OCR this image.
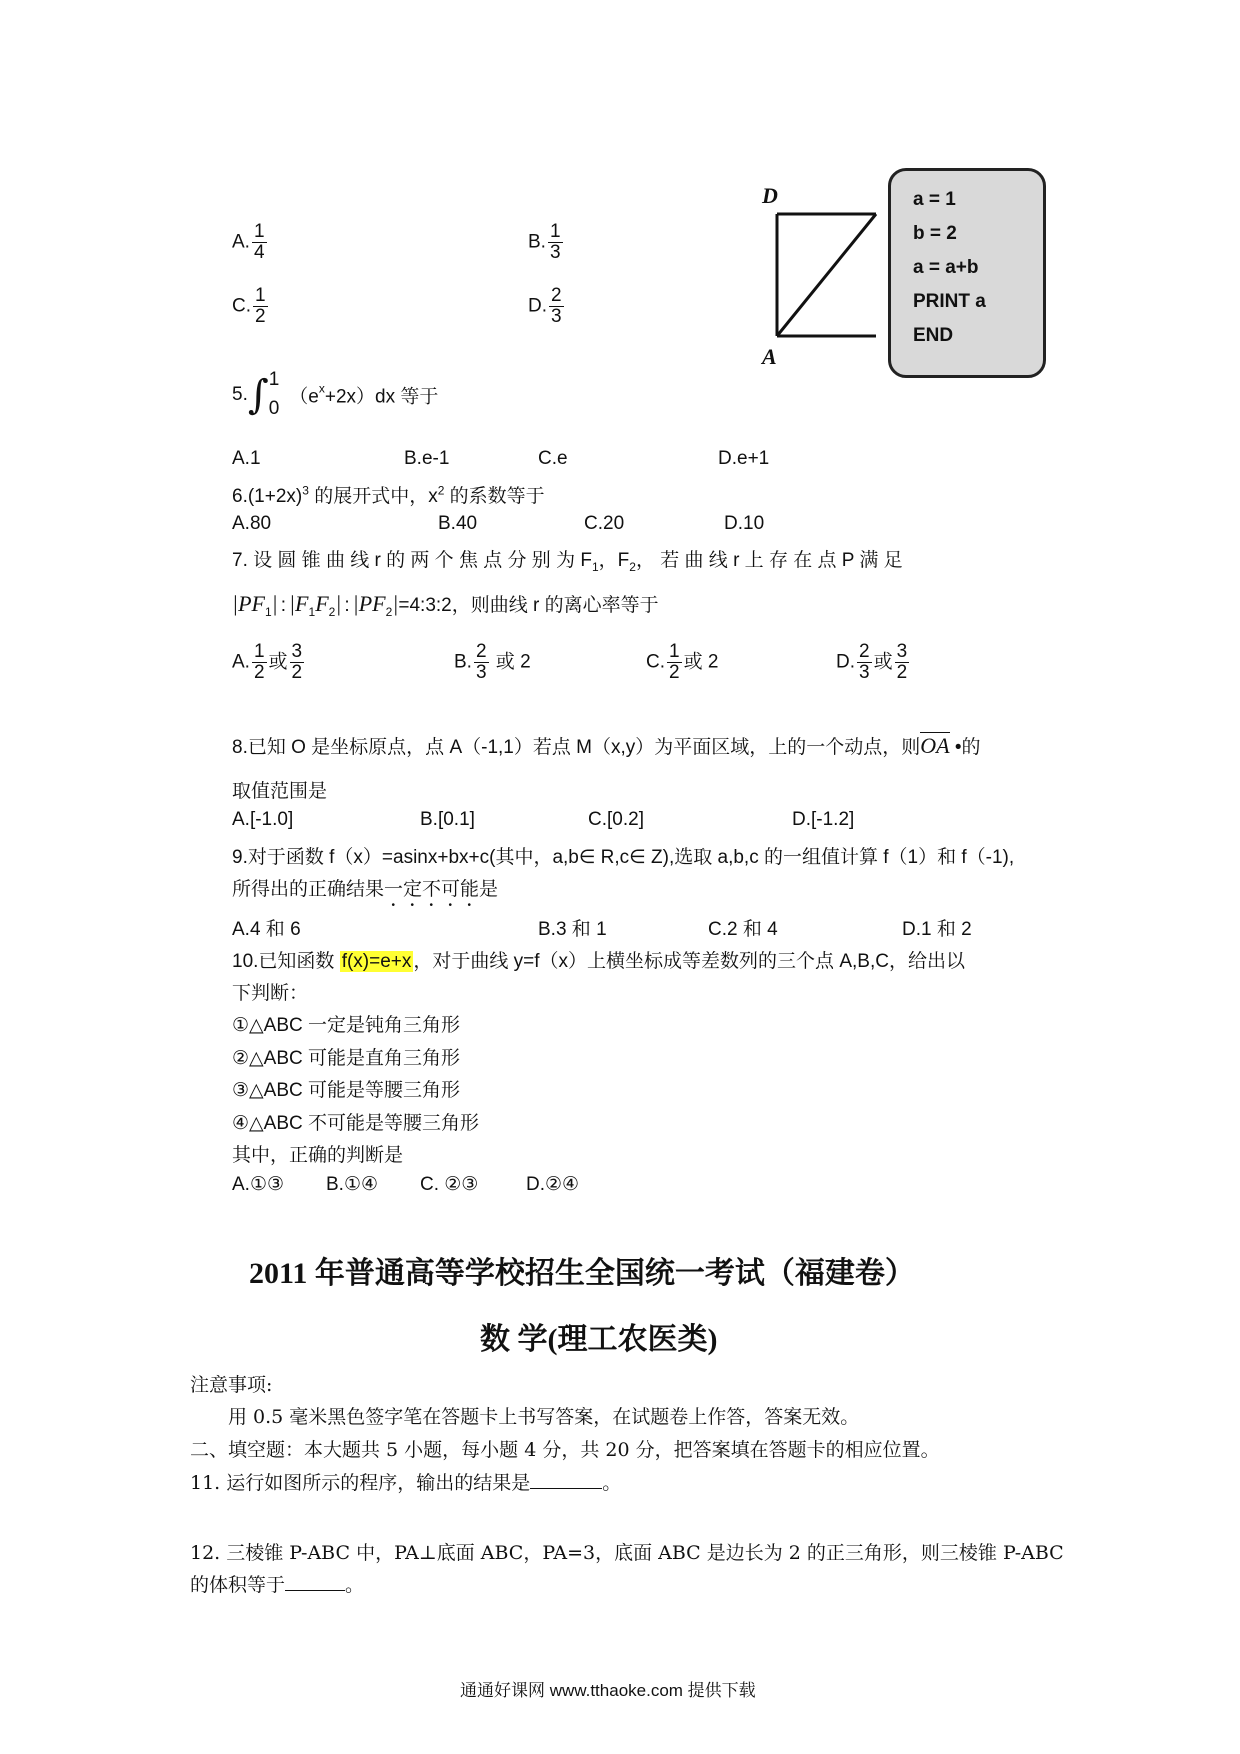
A. $\frac{1}{4}$	B. $\frac{1}{3}$
C. $\frac{1}{2}$	D. $\frac{2}{3}$
D
A
a = 1
b = 2
a = a+b
PRINT a
END
5.∫ 1
0
$(e^x+2x)dx$ 等于
A.1	B.e-1	C.e	D.e+1
$6.(1+2x)^3$ 的展开式中，$x^2$ 的系数等于
A.80	B.40	C.20	D.10
7. 设 圆 锥 曲 线 r 的 两 个 焦 点 分 别 为 $F_1$，$F_2$， 若 曲 线 r 上 存 在 点 P 满 足
$|PF_1|$ : $|F_1F_2|$ : $|PF_2|=4:3:2$，则曲线 r 的离心率等于
A. $\frac{1}{2}$ 或 $\frac{3}{2}$	B. $\frac{2}{3}$ 或 2	C. $\frac{1}{2}$ 或 2	D. $\frac{2}{3}$ 或 $\frac{3}{2}$
8.已知 O 是坐标原点，点 A（-1,1）若点 M（x,y）为平面区域，上的一个动点，则OA •的
取值范围是
A.[-1.0]	B.[0.1]	C.[0.2]	D.[-1.2]
9.对于函数 f（x）=asinx+bx+c(其中，a,b∈ R,c∈ Z),选取 a,b,c 的一组值计算 f（1）和 f（-1),
所得出的正确结果一定不可能是
A.4 和 6	B.3 和 1	C.2 和 4	D.1 和 2
10.已知函数 f(x)=e+x ，对于曲线 y=f（x）上横坐标成等差数列的三个点 A,B,C，给出以
下判断：
①△ABC 一定是钝角三角形
②△ABC 可能是直角三角形
③△ABC 可能是等腰三角形
④△ABC 不可能是等腰三角形
其中，正确的判断是
A.①③ B.①④ C. ②③	D.②④
2011 年普通高等学校招生全国统一考试（福建卷）
数 学(理工农医类)
注意事项:
用 0.5 毫米黑色签字笔在答题卡上书写答案，在试题卷上作答，答案无效。
二、填空题：本大题共 5 小题，每小题 4 分，共 20 分，把答案填在答题卡的相应位置。
11. 运行如图所示的程序，输出的结果是	。
12. 三棱锥 P-ABC 中，PA⊥底面 ABC，PA=3，底面 ABC 是边长为 2 的正三角形，则三棱锥 P-ABC
的体积等于	。
通通好课网 www.tthaoke.com 提供下载
